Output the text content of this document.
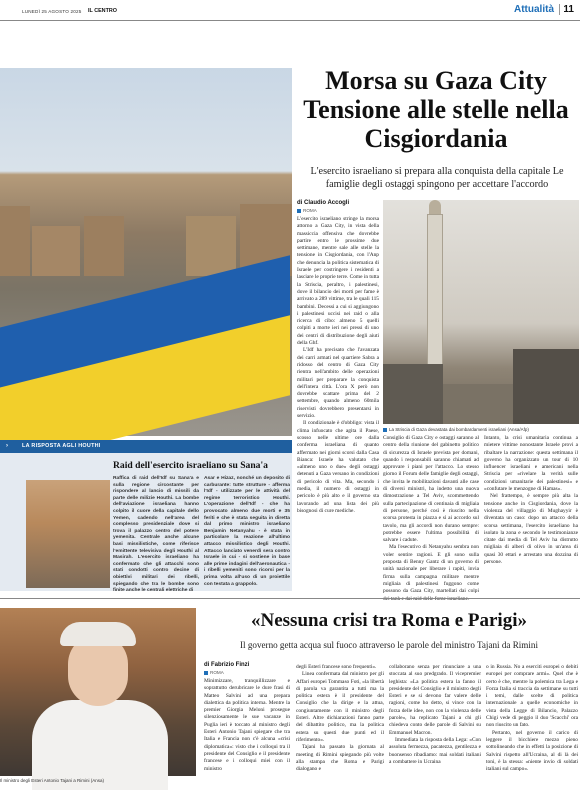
LUNEDÌ 25 AGOSTO 2025 IL CENTRO	Attualità 11
Morsa su Gaza City Tensione alle stelle nella Cisgiordania
L'esercito israeliano si prepara alla conquista della capitale Le famiglie degli ostaggi spingono per accettare l'accordo
di Claudio Accogli
ROMA

L'esercito israeliano stringe la morsa attorno a Gaza City, in vista della massiccia offensiva che dovrebbe partire entro le prossime due settimane, mentre sale alle stelle la tensione in Cisgiordania, con l'Anp che denuncia la politica sistematica di Israele per costringere i residenti a lasciare le proprie terre. Come in tutta la Striscia, peraltro, i palestinesi, dove il bilancio dei morti per fame è arrivato a 289 vittime, tra le quali 115 bambini. Decessi a cui si aggiungono i palestinesi uccisi nei raid o alla ricerca di cibo: almeno 5 quelli colpiti a morte ieri nei pressi di uno dei centri di distribuzione degli aiuti della Ghf.

L'Idf ha precisato che l'avanzata dei carri armati nel quartiere Sabra a ridosso del centro di Gaza City rientra nell'ambito delle operazioni militari per preparare la conquista dell'intera città. L'ora X però non dovrebbe scattare prima del 2 settembre, quando almeno 60mila riservisti dovrebbero presentarsi in servizio.

Il condizionale è d'obbligo: vista il clima infuocato che agita il Paese, scosso nelle ultime ore dalla conferma israeliana di quanto affermato nei giorni scorsi dalla Casa Bianca: Israele ha valutato che «almeno uno o due» degli ostaggi detenuti a Gaza versano in condizioni di pericolo di vita. Ma, secondo i media, il numero di ostaggi in pericolo è più alto e il governo sta lavorando ad una lista dei più bisognosi di cure mediche.

La Striscia di Gaza devastata dai bombardamenti israeliani (Ansa/Afp)

Consiglio di Gaza City e ostaggi saranno al centro della riunione del gabinetto politico di sicurezza di Israele prevista per domani, quando i responsabili saranno chiamati ad approvare i piani per l'attacco. Lo stesso giorno il Forum delle famiglie degli ostaggi, che invita le mobilitazioni davanti alle case di diversi ministri, ha indetto una nuova dimostrazione a Tel Aviv, scommettendo sulla partecipazione di centinaia di migliaia di persone, perché così è riuscito nella scorsa protesta in piazza e sì ai accordo sul tavolo, ma gli accordi non durano sempre: potrebbe essere l'ultima possibilità di salvare i cadute.

Ma l'esecutivo di Netanyahu sembra non voler sentire ragioni. E gli sono sulla proposta di Benny Gantz di un governo di unità nazionale per liberare i rapiti, invia firma sulla campagna militare mentre migliaia di palestinesi fuggono come possono da Gaza City, martellati dai colpi

Intanto, la crisi umanitaria continua a mietere vittime nonostante Israele provi a ribaltare la narrazione: questa settimana il governo ha organizzato un tour di 10 influencer israeliani e americani nella Striscia per «rivelare la verità sulle condizioni umanitarie dei palestinesi» e «confutare le menzogne di Hamas».

Nel frattempo, è sempre più alta la tensione anche in Cisgiordania, dove la violenza del villaggio di Mughayyir è diventata un caso: dopo un attacco della scorsa settimana, l'esercito israeliano ha isolato la zona e secondo le testimonianze citate dai media di Tel Aviv ha distrutto migliaia di alberi di olivo in un'area di quasi 30 ettari e arrestato una dozzina di persone.

›	LA RISPOSTA AGLI HOUTHI
Raid dell'esercito israeliano su Sana'a
Raffica di raid dell'Idf su Sana'a e sulla regione circostante per rispondere al lancio di missili da parte delle milizie Houthi. La bombe dell'aviazione israeliana hanno colpito il cuore della capitale dello Yemen, cadendo nell'area del complesso presidenziale dove si trova il palazzo centro del potere yemenita. Centrale anche alcune basi missilistiche, come riferisce l'emittente televisiva degli Houthi al Masirah. L'esercito israeliano ha confermato che gli attacchi sono stati condotti contro decine di obiettivi militari dei ribelli, spiegando che tra le bombe sono finite anche le centrali elettriche di
Asar e Hizaz, nonché un deposito di carburante: tutte strutture - afferma l'Idf - utilizzate per le attività del regime terroristico Houthi. L'operazione dell'Idf - che ha provocato almeno due morti e 35 feriti e che è stata seguita in diretta dal primo ministro israeliano Benjamin Netanyahu - è stata in particolare la reazione all'ultimo attacco missilistico degli Houthi. Attacco lanciato venerdì sera contro Israele in cui - si sostiene in base alle prime indagini dell'aeronautica - i ribelli yemeniti sono ricorsi per la prima volta all'uso di un proiettile con testata a grappolo.
Il ministro degli Esteri Antonio Tajani a Rimini (Ansa)
«Nessuna crisi tra Roma e Parigi»
Il governo getta acqua sul fuoco attraverso le parole del ministro Tajani da Rimini
di Fabrizio Finzi
ROMA
Minimizzare, tranquillizzare e soprattutto derubricare le dure frasi di Matteo Salvini ad una prepara dialettica da politica interna. Mentre la premier Giorgia Meloni prosegue silenziosamente le sue vacanze in Puglia ieri è toccato al ministro degli Esteri Antonio Tajani spiegare che tra Italia e Francia non c'è alcuna «crisi diplomatica»: visto che i colloqui tra il presidente del Consiglio e il presidente francese e i colloqui miei con il ministro

degli Esteri francese sono frequenti».

Linea confermata dal ministro per gli Affari europei Tommaso Foti, «la libertà di parola va garantita a tutti ma la politica estera è il presidente del Consiglio che la dirige e la attua, congiuntamente con il ministro degli Esteri. Altre dichiarazioni fanno parte del dibattito politico, ma la politica estera su questi due punti ed il riferimento».

Tajani ha passato la giornata al meeting di Rimini spiegando più volte alla stampa che Roma e Parigi dialogano e

collaborano senza per rinunciare a una stoccata al suo predgrado. Il vicepremier leghista: «La politica estera la fanno il presidente del Consiglio e il ministro degli Esteri e se si devono far valere delle ragioni, come ho detto, si vince con la forza delle idee, non con la violenza delle parole», ha replicato Tajani a chi gli chiedeva conto delle parole di Salvini su Emmanuel Macron.

Immediata la risposta della Lega: «Con assoluta fermezza, pacatezza, gentilezza e buonsenso ribadiamo: mai soldati italiani a combattere in Ucraina

o in Russia. No a eserciti europei o debiti europei per comprare armi». Quel che è certo è che, mentre la polemica tra Lega e Forza Italia si traccia da settimane su tutti i temi, dalle scelte di politica internazionale a quelle economiche in vista della Legge di Bilancio, Palazzo Chigi vede di peggio il duo 'Scacchi' ora non riuscito un fato.

Pertanto, nel governo il carico di leggere il bicchiere mezzo pieno sottolineando che in effetti la posizione di Salvini rispetto all'Ucraina, al di là dei toni, è la stessa: «niente invio di soldati italiani sul campo».
